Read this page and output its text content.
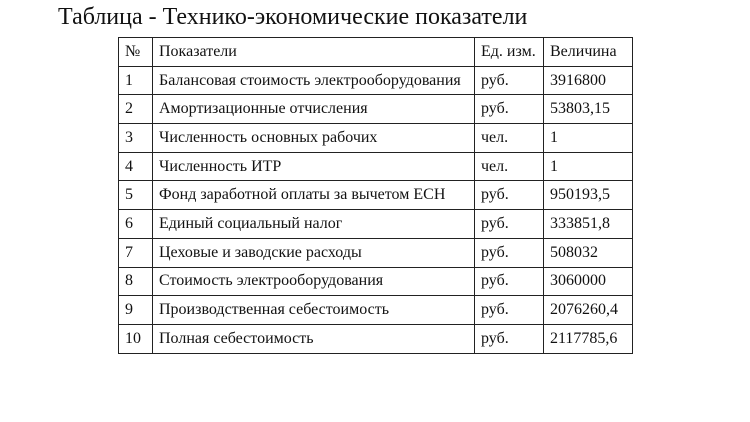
Таблица - Технико-экономические показатели
№	Показатели	Ед. изм.	Величина
1	Балансовая стоимость электрооборудования	руб.	3916800
2	Амортизационные отчисления	руб.	53803,15
3	Численность основных рабочих	чел.	1
4	Численность ИТР	чел.	1
5	Фонд заработной оплаты за вычетом ЕСН	руб.	950193,5
6	Единый социальный налог	руб.	333851,8
7	Цеховые и заводские расходы	руб.	508032
8	Стоимость электрооборудования	руб.	3060000
9	Производственная себестоимость	руб.	2076260,4
10	Полная себестоимость	руб.	2117785,6
